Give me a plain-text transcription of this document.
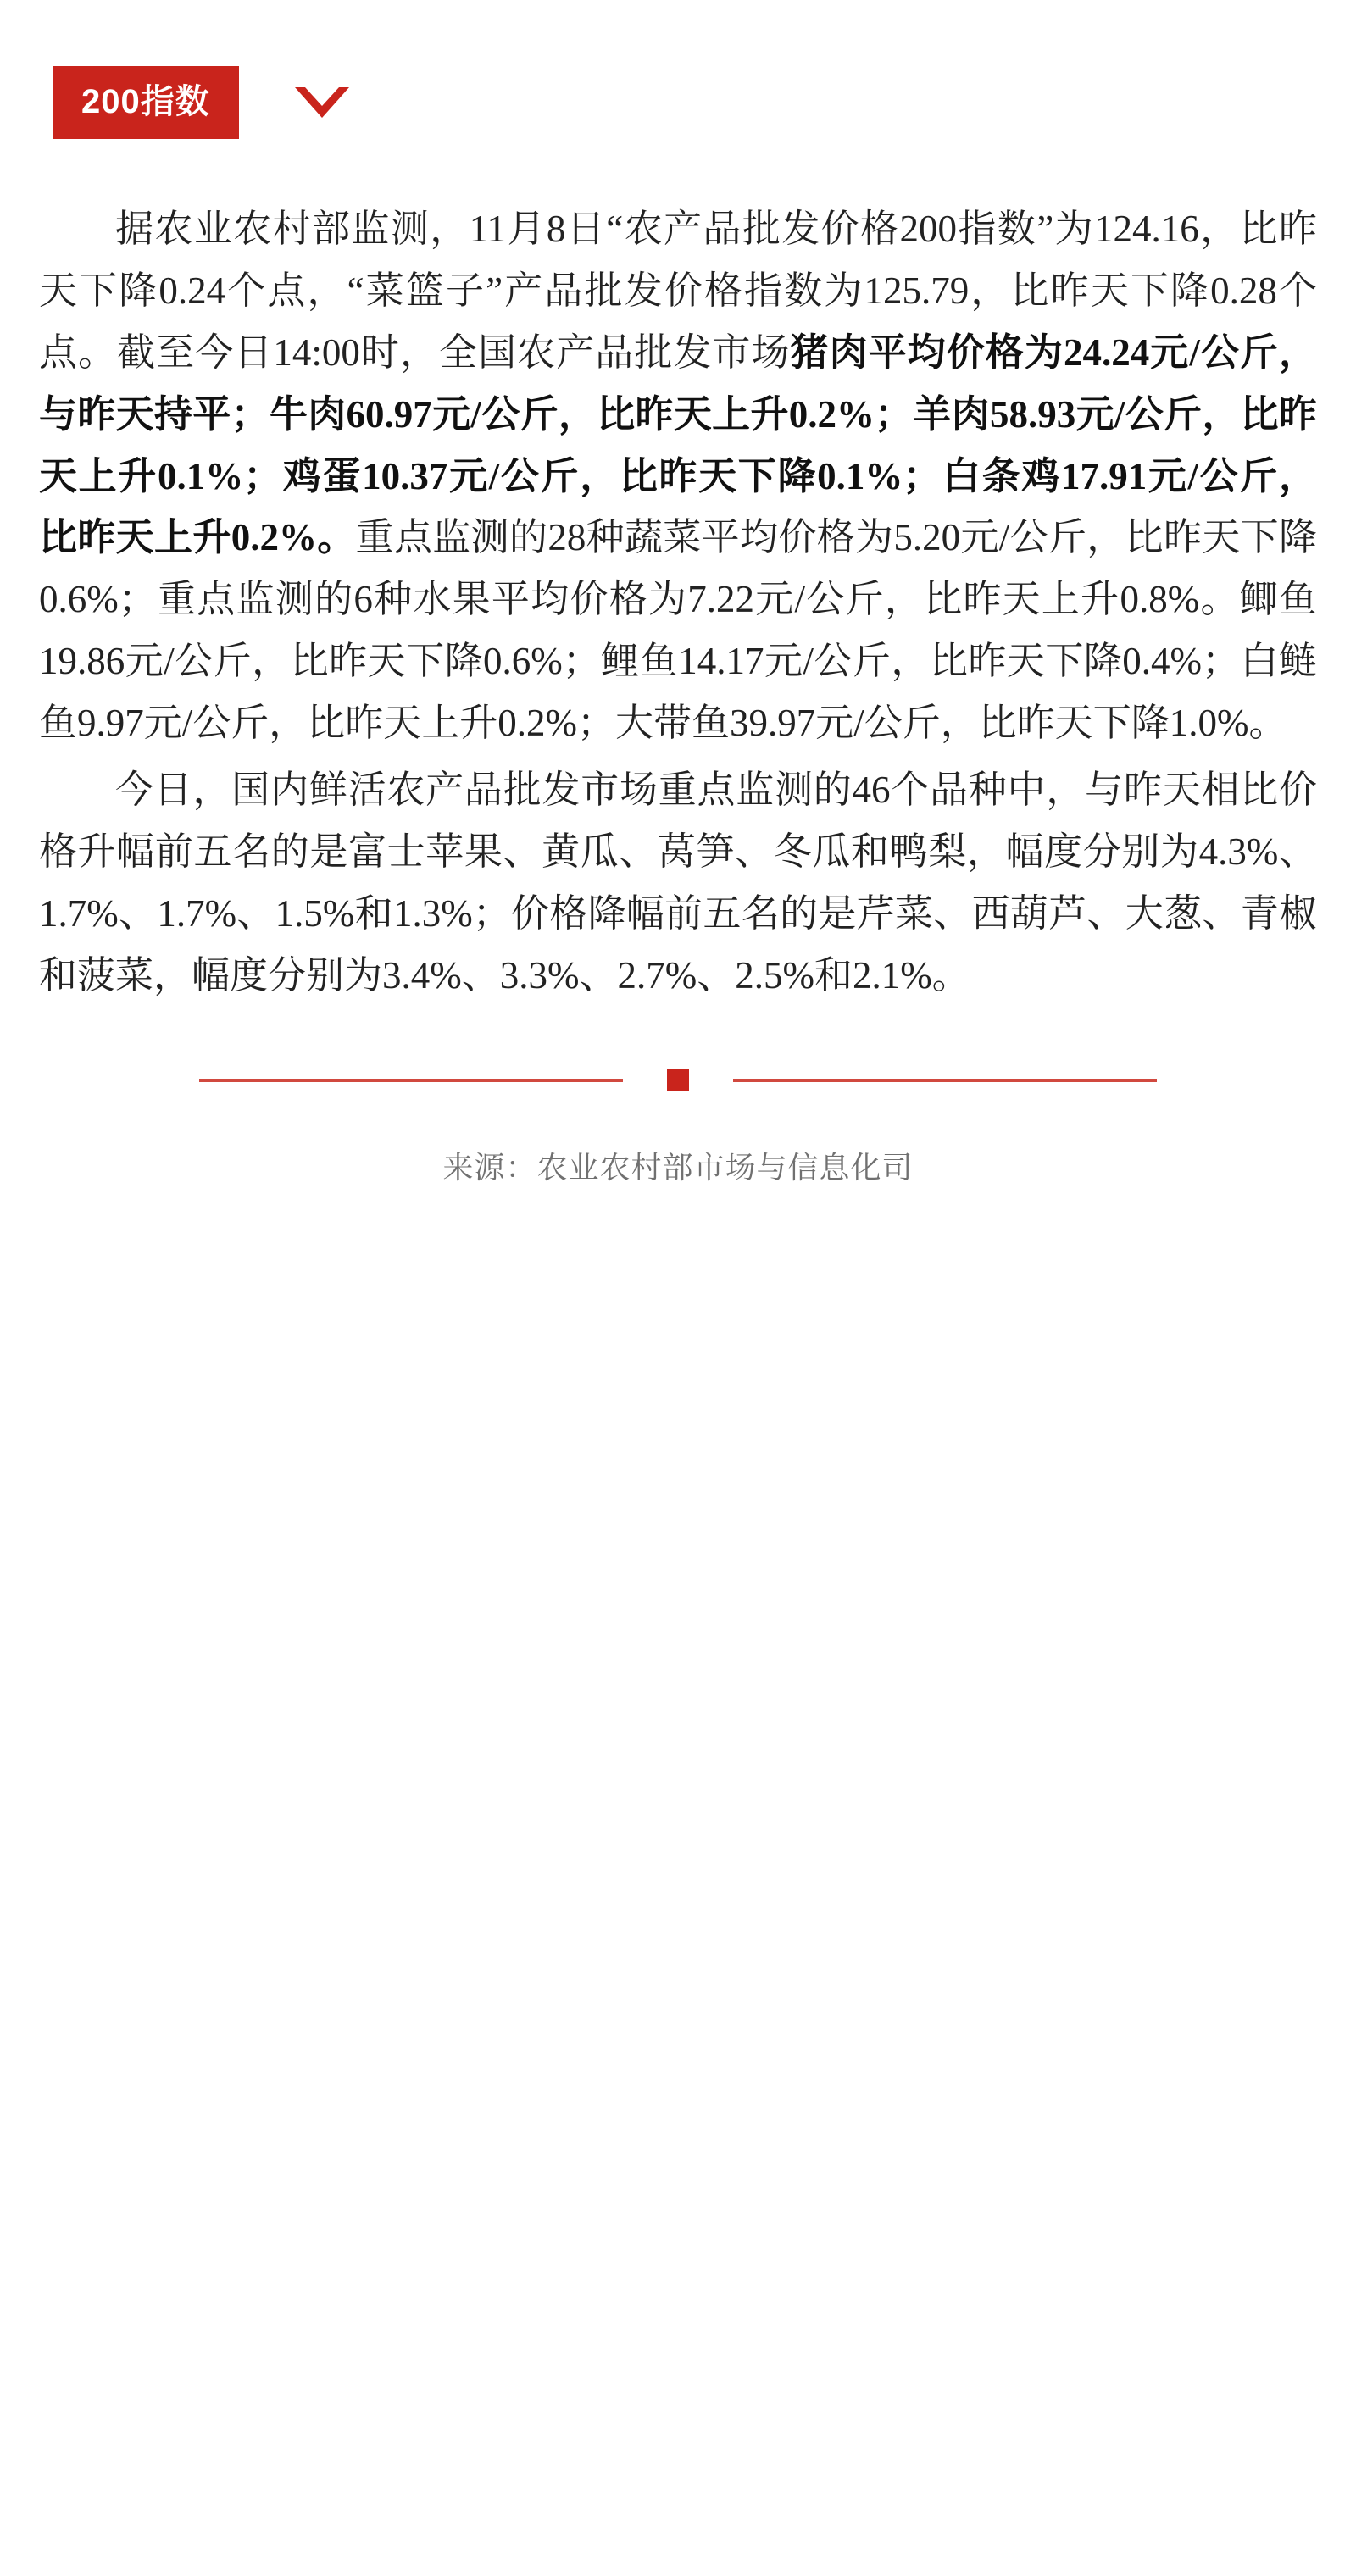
200指数

据农业农村部监测，11月8日“农产品批发价格200指数”为124.16，比昨天下降0.24个点，“菜篮子”产品批发价格指数为125.79，比昨天下降0.28个点。截至今日14:00时，全国农产品批发市场猪肉平均价格为24.24元/公斤，与昨天持平；牛肉60.97元/公斤，比昨天上升0.2%；羊肉58.93元/公斤，比昨天上升0.1%；鸡蛋10.37元/公斤，比昨天下降0.1%；白条鸡17.91元/公斤，比昨天上升0.2%。重点监测的28种蔬菜平均价格为5.20元/公斤，比昨天下降0.6%；重点监测的6种水果平均价格为7.22元/公斤，比昨天上升0.8%。鲫鱼19.86元/公斤，比昨天下降0.6%；鲤鱼14.17元/公斤，比昨天下降0.4%；白鲢鱼9.97元/公斤，比昨天上升0.2%；大带鱼39.97元/公斤，比昨天下降1.0%。

今日，国内鲜活农产品批发市场重点监测的46个品种中，与昨天相比价格升幅前五名的是富士苹果、黄瓜、莴笋、冬瓜和鸭梨，幅度分别为4.3%、1.7%、1.7%、1.5%和1.3%；价格降幅前五名的是芹菜、西葫芦、大葱、青椒和菠菜，幅度分别为3.4%、3.3%、2.7%、2.5%和2.1%。

来源：农业农村部市场与信息化司
